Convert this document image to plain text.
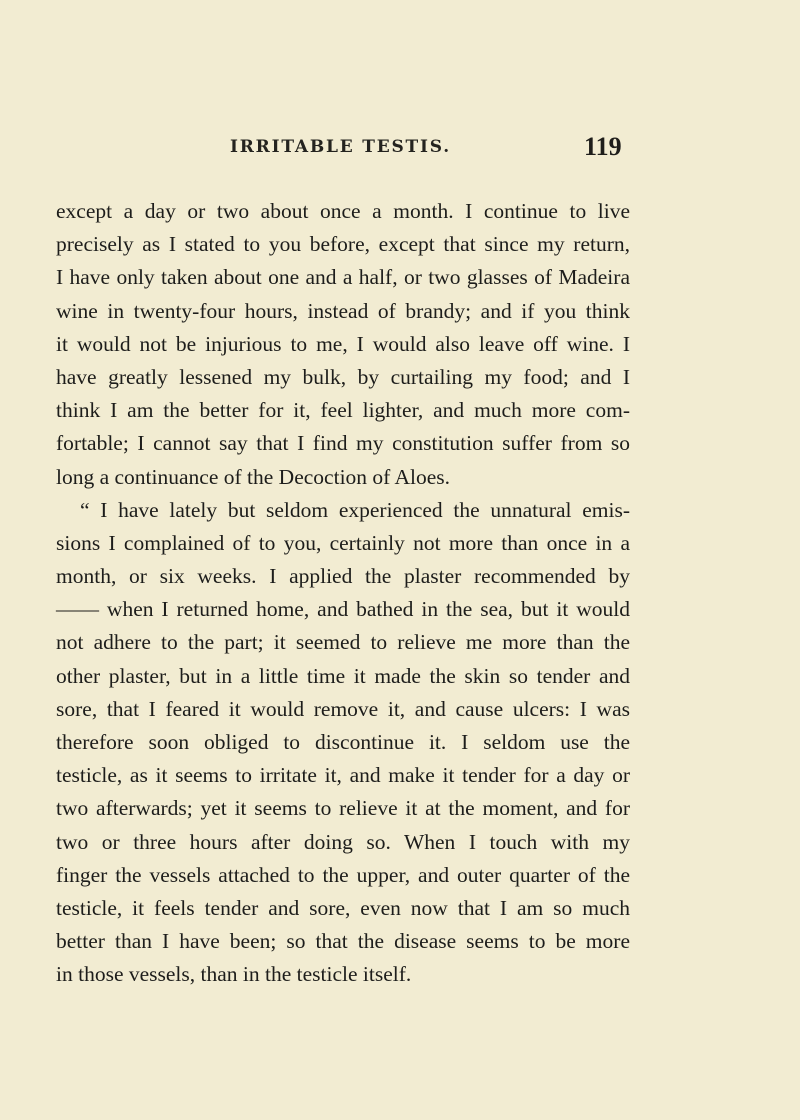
IRRITABLE TESTIS.	119
except a day or two about once a month. I continue to live
precisely as I stated to you before, except that since my return,
I have only taken about one and a half, or two glasses of Madeira
wine in twenty-four hours, instead of brandy; and if you think
it would not be injurious to me, I would also leave off wine. I
have greatly lessened my bulk, by curtailing my food; and I
think I am the better for it, feel lighter, and much more com-
fortable; I cannot say that I find my constitution suffer from so
long a continuance of the Decoction of Aloes.
“ I have lately but seldom experienced the unnatural emis-
sions I complained of to you, certainly not more than once in a
month, or six weeks. I applied the plaster recommended by
—— when I returned home, and bathed in the sea, but it would
not adhere to the part; it seemed to relieve me more than the
other plaster, but in a little time it made the skin so tender and
sore, that I feared it would remove it, and cause ulcers: I was
therefore soon obliged to discontinue it. I seldom use the
testicle, as it seems to irritate it, and make it tender for a day or
two afterwards; yet it seems to relieve it at the moment, and for
two or three hours after doing so. When I touch with my
finger the vessels attached to the upper, and outer quarter of the
testicle, it feels tender and sore, even now that I am so much
better than I have been; so that the disease seems to be more
in those vessels, than in the testicle itself.
